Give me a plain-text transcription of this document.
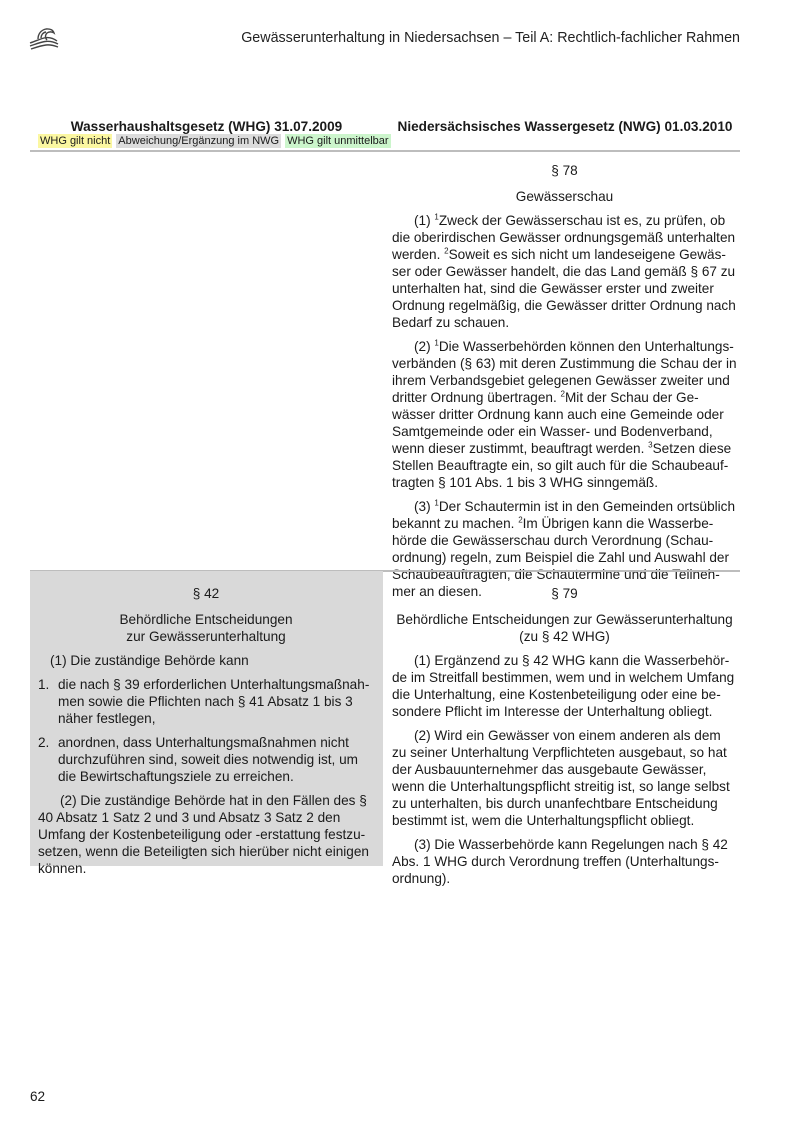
Gewässerunterhaltung in Niedersachsen – Teil A: Rechtlich-fachlicher Rahmen
Wasserhaushaltsgesetz (WHG) 31.07.2009	Niedersächsisches Wassergesetz (NWG) 01.03.2010
WHG gilt nicht Abweichung/Ergänzung im NWG WHG gilt unmittelbar
§ 78
Gewässerschau

(1) $^1$Zweck der Gewässerschau ist es, zu prüfen, ob die oberirdischen Gewässer ordnungsgemäß unterhalten werden. $^2$Soweit es sich nicht um landeseigene Gewässer oder Gewässer handelt, die das Land gemäß § 67 zu unterhalten hat, sind die Gewässer erster und zweiter Ordnung regelmäßig, die Gewässer dritter Ordnung nach Bedarf zu schauen.

(2) $^1$Die Wasserbehörden können den Unterhaltungsverbänden (§ 63) mit deren Zustimmung die Schau der in ihrem Verbandsgebiet gelegenen Gewässer zweiter und dritter Ordnung übertragen. $^2$Mit der Schau der Gewässer dritter Ordnung kann auch eine Gemeinde oder Samtgemeinde oder ein Wasser- und Bodenverband, wenn dieser zustimmt, beauftragt werden. $^3$Setzen diese Stellen Beauftragte ein, so gilt auch für die Schaubeauftragten § 101 Abs. 1 bis 3 WHG sinngemäß.

(3) $^1$Der Schautermin ist in den Gemeinden ortsüblich bekannt zu machen. $^2$Im Übrigen kann die Wasserbehörde die Gewässerschau durch Verordnung (Schauordnung) regeln, zum Beispiel die Zahl und Auswahl der Schaubeauftragten, die Schautermine und die Teilnehmer an diesen.

§ 42
Behördliche Entscheidungen
zur Gewässerunterhaltung

(1) Die zuständige Behörde kann

1. die nach § 39 erforderlichen Unterhaltungsmaßnahmen sowie die Pflichten nach § 41 Absatz 1 bis 3 näher festlegen,
2. anordnen, dass Unterhaltungsmaßnahmen nicht durchzuführen sind, soweit dies notwendig ist, um die Bewirtschaftungsziele zu erreichen.

(2) Die zuständige Behörde hat in den Fällen des § 40 Absatz 1 Satz 2 und 3 und Absatz 3 Satz 2 den Umfang der Kostenbeteiligung oder -erstattung festzusetzen, wenn die Beteiligten sich hierüber nicht einigen können.

§ 79
Behördliche Entscheidungen zur Gewässerunterhaltung
(zu § 42 WHG)

(1) Ergänzend zu § 42 WHG kann die Wasserbehörde im Streitfall bestimmen, wem und in welchem Umfang die Unterhaltung, eine Kostenbeteiligung oder eine besondere Pflicht im Interesse der Unterhaltung obliegt.

(2) Wird ein Gewässer von einem anderen als dem zu seiner Unterhaltung Verpflichteten ausgebaut, so hat der Ausbauunternehmer das ausgebaute Gewässer, wenn die Unterhaltungspflicht streitig ist, so lange selbst zu unterhalten, bis durch unanfechtbare Entscheidung bestimmt ist, wem die Unterhaltungspflicht obliegt.

(3) Die Wasserbehörde kann Regelungen nach § 42 Abs. 1 WHG durch Verordnung treffen (Unterhaltungsordnung).

62
